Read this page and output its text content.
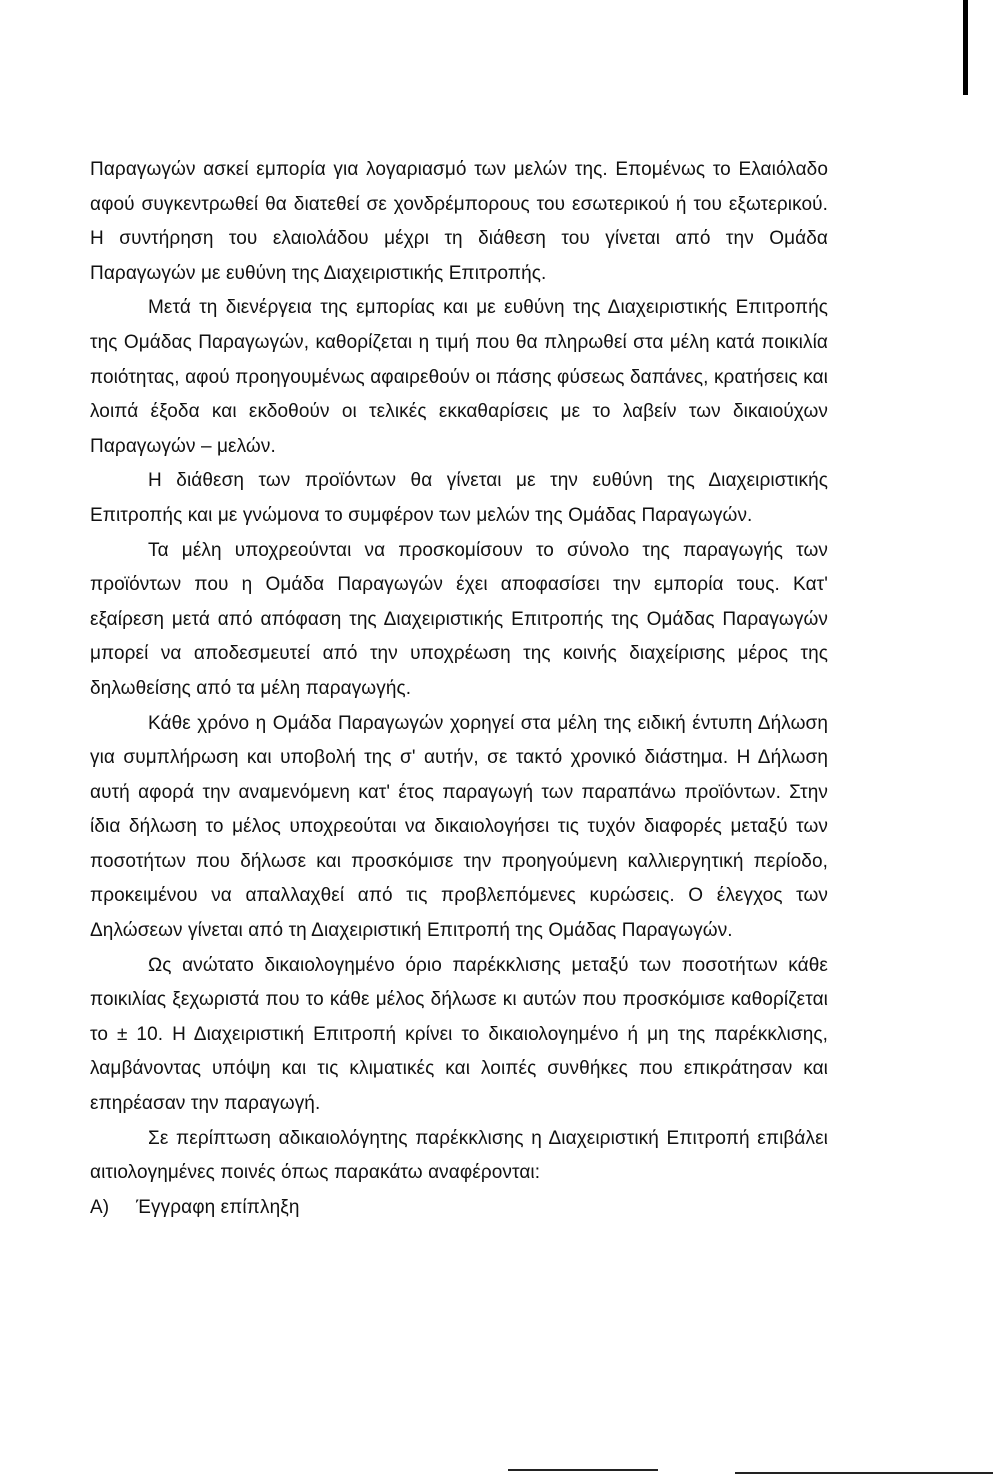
Παραγωγών ασκεί εμπορία για λογαριασμό των μελών της. Επομένως το Ελαιόλαδο αφού συγκεντρωθεί θα διατεθεί σε χονδρέμπορους του εσωτερικού ή του εξωτερικού. Η συντήρηση του ελαιολάδου μέχρι τη διάθεση του γίνεται από την Ομάδα Παραγωγών με ευθύνη της Διαχειριστικής Επιτροπής.

Μετά τη διενέργεια της εμπορίας και με ευθύνη της Διαχειριστικής Επιτροπής της Ομάδας Παραγωγών, καθορίζεται η τιμή που θα πληρωθεί στα μέλη κατά ποικιλία ποιότητας, αφού προηγουμένως αφαιρεθούν οι πάσης φύσεως δαπάνες, κρατήσεις και λοιπά έξοδα και εκδοθούν οι τελικές εκκαθαρίσεις με το λαβείν των δικαιούχων Παραγωγών – μελών.

Η διάθεση των προϊόντων θα γίνεται με την ευθύνη της Διαχειριστικής Επιτροπής και με γνώμονα το συμφέρον των μελών της Ομάδας Παραγωγών.

Τα μέλη υποχρεούνται να προσκομίσουν το σύνολο της παραγωγής των προϊόντων που η Ομάδα Παραγωγών έχει αποφασίσει την εμπορία τους. Κατ' εξαίρεση μετά από απόφαση της Διαχειριστικής Επιτροπής της Ομάδας Παραγωγών μπορεί να αποδεσμευτεί από την υποχρέωση της κοινής διαχείρισης μέρος της δηλωθείσης από τα μέλη παραγωγής.

Κάθε χρόνο η Ομάδα Παραγωγών χορηγεί στα μέλη της ειδική έντυπη Δήλωση για συμπλήρωση και υποβολή της σ' αυτήν, σε τακτό χρονικό διάστημα. Η Δήλωση αυτή αφορά την αναμενόμενη κατ' έτος παραγωγή των παραπάνω προϊόντων. Στην ίδια δήλωση το μέλος υποχρεούται να δικαιολογήσει τις τυχόν διαφορές μεταξύ των ποσοτήτων που δήλωσε και προσκόμισε την προηγούμενη καλλιεργητική περίοδο, προκειμένου να απαλλαχθεί από τις προβλεπόμενες κυρώσεις. Ο έλεγχος των Δηλώσεων γίνεται από τη Διαχειριστική Επιτροπή της Ομάδας Παραγωγών.

Ως ανώτατο δικαιολογημένο όριο παρέκκλισης μεταξύ των ποσοτήτων κάθε ποικιλίας ξεχωριστά που το κάθε μέλος δήλωσε κι αυτών που προσκόμισε καθορίζεται το ± 10. Η Διαχειριστική Επιτροπή κρίνει το δικαιολογημένο ή μη της παρέκκλισης, λαμβάνοντας υπόψη και τις κλιματικές και λοιπές συνθήκες που επικράτησαν και επηρέασαν την παραγωγή.

Σε περίπτωση αδικαιολόγητης παρέκκλισης η Διαχειριστική Επιτροπή επιβάλει αιτιολογημένες ποινές όπως παρακάτω αναφέρονται:

Α) Έγγραφη επίπληξη
